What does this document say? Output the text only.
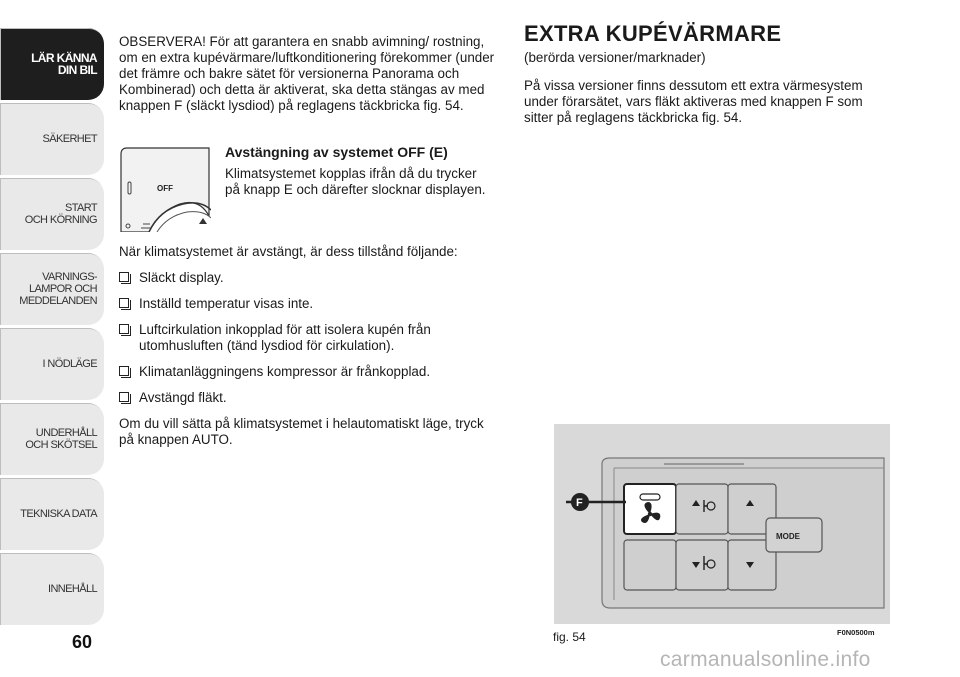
LÄR KÄNNA
DIN BIL
SÄKERHET
START
OCH KÖRNING
VARNINGS-
LAMPOR OCH
MEDDELANDEN
I NÖDLÄGE
UNDERHÅLL
OCH SKÖTSEL
TEKNISKA DATA
INNEHÅLL
60

OBSERVERA! För att garantera en snabb avimning/ rostning, om en extra kupévärmare/luftkonditionering förekommer (under det främre och bakre sätet för versionerna Panorama och Kombinerad) och detta är aktiverat, ska detta stängas av med knappen F (släckt lysdiod) på reglagens täckbricka fig. 54.

OFF
Avstängning av systemet OFF (E)

Klimatsystemet kopplas ifrån då du trycker på knapp E och därefter slocknar displayen.

När klimatsystemet är avstängt, är dess tillstånd följande:

Släckt display.
Inställd temperatur visas inte.
Luftcirkulation inkopplad för att isolera kupén från utomhusluften (tänd lysdiod för cirkulation).
Klimatanläggningens kompressor är frånkopplad.
Avstängd fläkt.

Om du vill sätta på klimatsystemet i helautomatiskt läge, tryck på knappen AUTO.

EXTRA KUPÉVÄRMARE

(berörda versioner/marknader)

På vissa versioner finns dessutom ett extra värmesystem under förarsätet, vars fläkt aktiveras med knappen F som sitter på reglagens täckbricka fig. 54.

MODE
F
fig. 54	F0N0500m
carmanualsonline.info
